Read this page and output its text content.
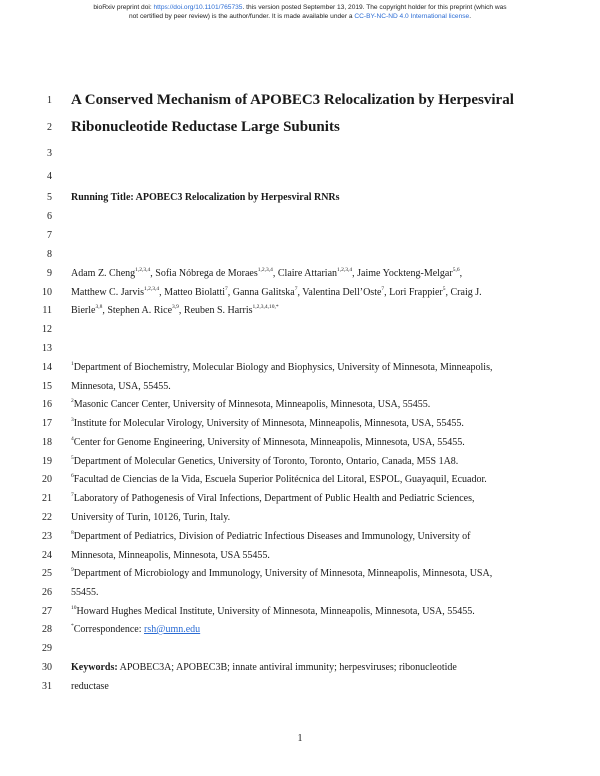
bioRxiv preprint doi: https://doi.org/10.1101/765735. this version posted September 13, 2019. The copyright holder for this preprint (which was
not certified by peer review) is the author/funder. It is made available under a CC-BY-NC-ND 4.0 International license.
1
2
3
4
5
6
7
8
9
10
11
12
13
14
15
16
17
18
19
20
21
22
23
24
25
26
27
28
29
30
31
A Conserved Mechanism of APOBEC3 Relocalization by Herpesviral
Ribonucleotide Reductase Large Subunits
Running Title: APOBEC3 Relocalization by Herpesviral RNRs
Adam Z. Cheng$^{1,2,3,4}$, Sofia Nóbrega de Moraes$^{1,2,3,4}$, Claire Attarian$^{1,2,3,4}$, Jaime Yockteng-Melgar$^{5,6}$,
Matthew C. Jarvis$^{1,2,3,4}$, Matteo Biolatti$^7$, Ganna Galitska$^7$, Valentina Dell’Oste$^7$, Lori Frappier$^5$, Craig J.
Bierle$^{3,8}$, Stephen A. Rice$^{3,9}$, Reuben S. Harris$^{1,2,3,4,10,*}$
$^1$Department of Biochemistry, Molecular Biology and Biophysics, University of Minnesota, Minneapolis,
Minnesota, USA, 55455.
$^2$Masonic Cancer Center, University of Minnesota, Minneapolis, Minnesota, USA, 55455.
$^3$Institute for Molecular Virology, University of Minnesota, Minneapolis, Minnesota, USA, 55455.
$^4$Center for Genome Engineering, University of Minnesota, Minneapolis, Minnesota, USA, 55455.
$^5$Department of Molecular Genetics, University of Toronto, Toronto, Ontario, Canada, M5S 1A8.
$^6$Facultad de Ciencias de la Vida, Escuela Superior Politécnica del Litoral, ESPOL, Guayaquil, Ecuador.
$^7$Laboratory of Pathogenesis of Viral Infections, Department of Public Health and Pediatric Sciences,
University of Turin, 10126, Turin, Italy.
$^8$Department of Pediatrics, Division of Pediatric Infectious Diseases and Immunology, University of
Minnesota, Minneapolis, Minnesota, USA 55455.
$^9$Department of Microbiology and Immunology, University of Minnesota, Minneapolis, Minnesota, USA,
55455.
$^{10}$Howard Hughes Medical Institute, University of Minnesota, Minneapolis, Minnesota, USA, 55455.
*Correspondence: rsh@umn.edu
Keywords: APOBEC3A; APOBEC3B; innate antiviral immunity; herpesviruses; ribonucleotide
reductase
1
